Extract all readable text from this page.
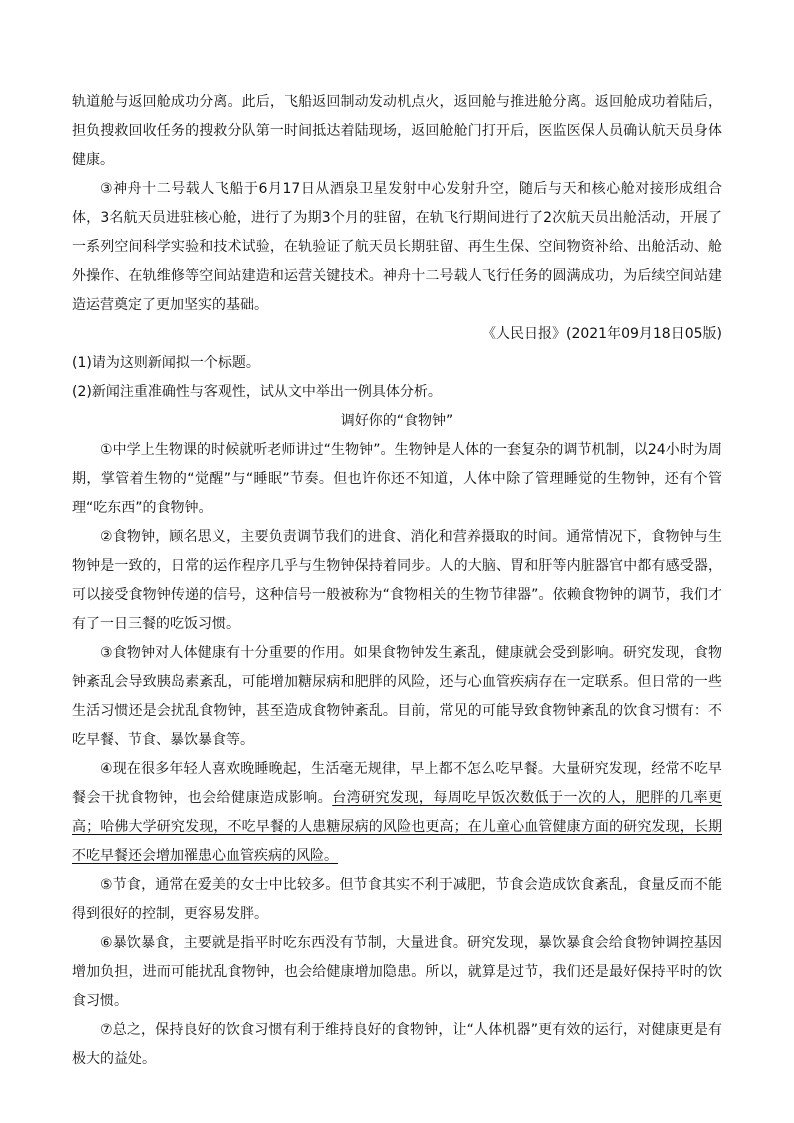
轨道舱与返回舱成功分离。此后，飞船返回制动发动机点火，返回舱与推进舱分离。返回舱成功着陆后，担负搜救回收任务的搜救分队第一时间抵达着陆现场，返回舱舱门打开后，医监医保人员确认航天员身体健康。

③神舟十二号载人飞船于6月17日从酒泉卫星发射中心发射升空，随后与天和核心舱对接形成组合体，3名航天员进驻核心舱，进行了为期3个月的驻留，在轨飞行期间进行了2次航天员出舱活动，开展了一系列空间科学实验和技术试验，在轨验证了航天员长期驻留、再生生保、空间物资补给、出舱活动、舱外操作、在轨维修等空间站建造和运营关键技术。神舟十二号载人飞行任务的圆满成功，为后续空间站建造运营奠定了更加坚实的基础。

《人民日报》(2021年09月18日05版)

(1)请为这则新闻拟一个标题。

(2)新闻注重准确性与客观性，试从文中举出一例具体分析。

调好你的“食物钟”

①中学上生物课的时候就听老师讲过“生物钟”。生物钟是人体的一套复杂的调节机制，以24小时为周期，掌管着生物的“觉醒”与“睡眠”节奏。但也许你还不知道，人体中除了管理睡觉的生物钟，还有个管理“吃东西”的食物钟。

②食物钟，顾名思义，主要负责调节我们的进食、消化和营养摄取的时间。通常情况下，食物钟与生物钟是一致的，日常的运作程序几乎与生物钟保持着同步。人的大脑、胃和肝等内脏器官中都有感受器，可以接受食物钟传递的信号，这种信号一般被称为“食物相关的生物节律器”。依赖食物钟的调节，我们才有了一日三餐的吃饭习惯。

③食物钟对人体健康有十分重要的作用。如果食物钟发生紊乱，健康就会受到影响。研究发现，食物钟紊乱会导致胰岛素紊乱，可能增加糖尿病和肥胖的风险，还与心血管疾病存在一定联系。但日常的一些生活习惯还是会扰乱食物钟，甚至造成食物钟紊乱。目前，常见的可能导致食物钟紊乱的饮食习惯有：不吃早餐、节食、暴饮暴食等。

④现在很多年轻人喜欢晚睡晚起，生活毫无规律，早上都不怎么吃早餐。大量研究发现，经常不吃早餐会干扰食物钟，也会给健康造成影响。台湾研究发现，每周吃早饭次数低于一次的人，肥胖的几率更高；哈佛大学研究发现，不吃早餐的人患糖尿病的风险也更高；在儿童心血管健康方面的研究发现，长期不吃早餐还会增加罹患心血管疾病的风险。

⑤节食，通常在爱美的女士中比较多。但节食其实不利于减肥，节食会造成饮食紊乱，食量反而不能得到很好的控制，更容易发胖。

⑥暴饮暴食，主要就是指平时吃东西没有节制，大量进食。研究发现，暴饮暴食会给食物钟调控基因增加负担，进而可能扰乱食物钟，也会给健康增加隐患。所以，就算是过节，我们还是最好保持平时的饮食习惯。

⑦总之，保持良好的饮食习惯有利于维持良好的食物钟，让“人体机器”更有效的运行，对健康更是有极大的益处。
